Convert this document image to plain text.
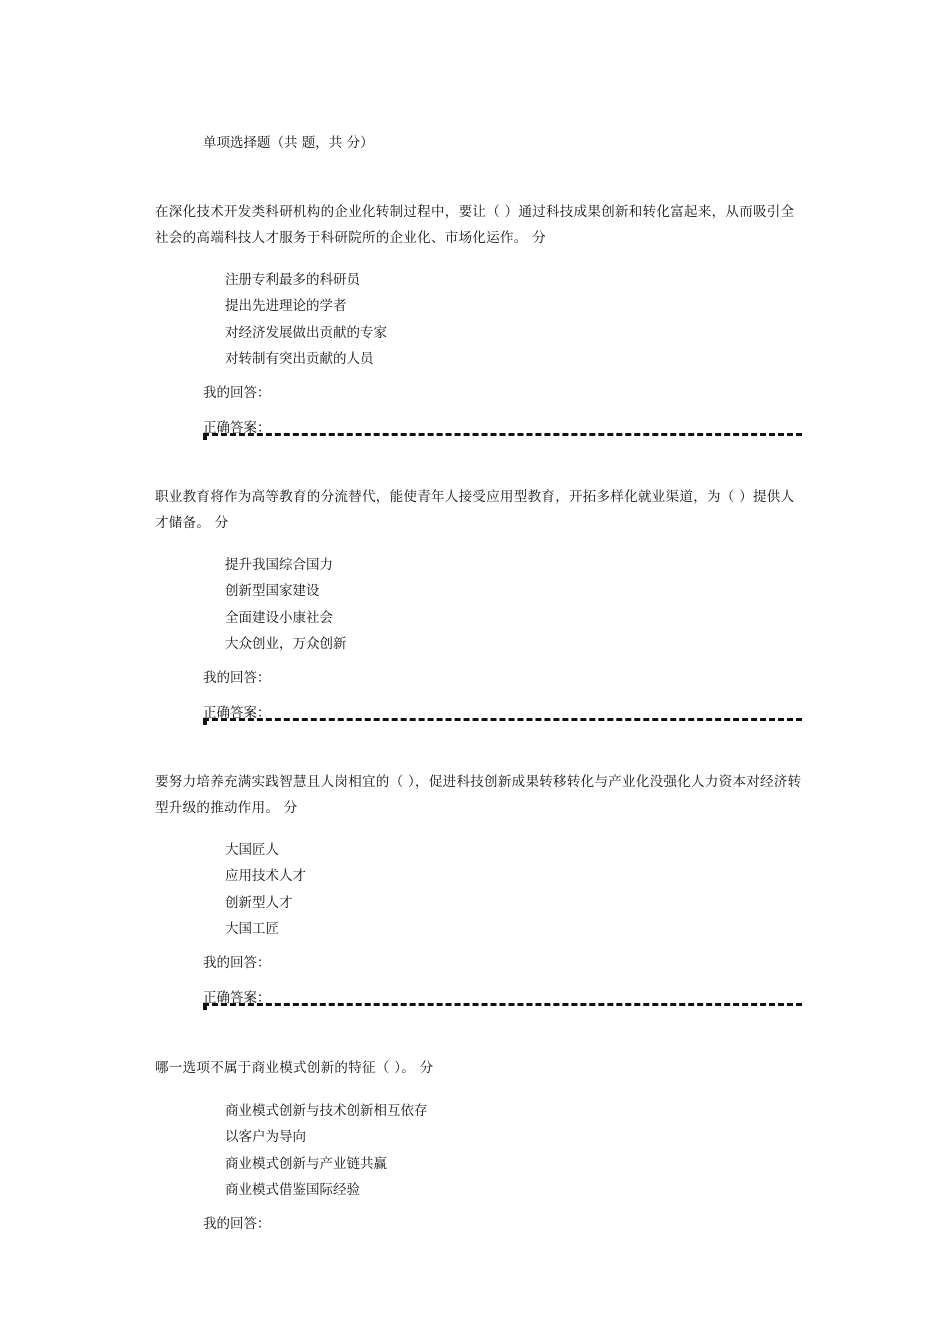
单项选择题（共 题，共 分）
在深化技术开发类科研机构的企业化转制过程中，要让（ ）通过科技成果创新和转化富起来，从而吸引全社会的高端科技人才服务于科研院所的企业化、市场化运作。 分
注册专利最多的科研员
提出先进理论的学者
对经济发展做出贡献的专家
对转制有突出贡献的人员
我的回答：
正确答案：
职业教育将作为高等教育的分流替代，能使青年人接受应用型教育，开拓多样化就业渠道，为（ ）提供人才储备。 分
提升我国综合国力
创新型国家建设
全面建设小康社会
大众创业，万众创新
我的回答：
正确答案：
要努力培养充满实践智慧且人岗相宜的（ ），促进科技创新成果转移转化与产业化没强化人力资本对经济转型升级的推动作用。 分
大国匠人
应用技术人才
创新型人才
大国工匠
我的回答：
正确答案：
哪一选项不属于商业模式创新的特征（ ）。 分
商业模式创新与技术创新相互依存
以客户为导向
商业模式创新与产业链共赢
商业模式借鉴国际经验
我的回答：
